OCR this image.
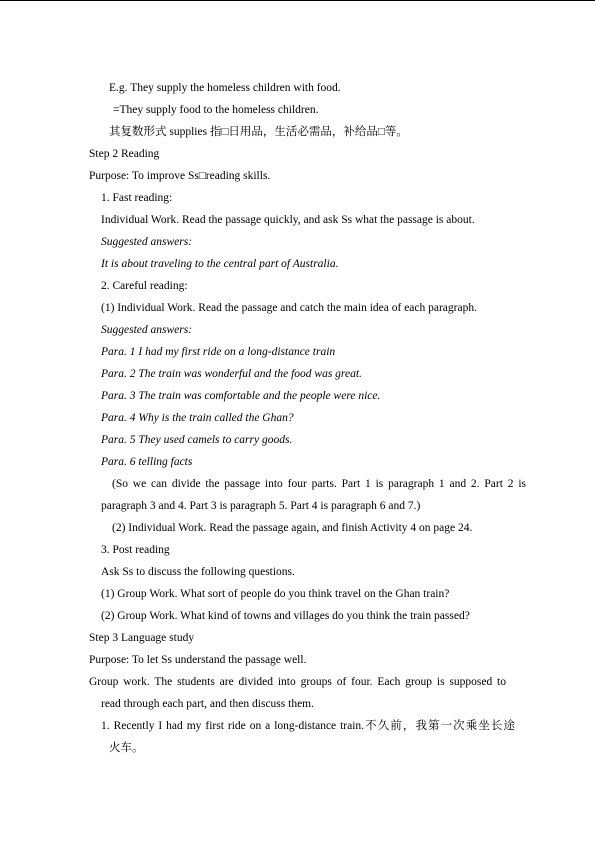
E.g. They supply the homeless children with food.
=They supply food to the homeless children.
其复数形式 supplies 指□日用品，生活必需品，补给品□等。
Step 2 Reading
Purpose: To improve Ss□reading skills.
1. Fast reading:
Individual Work. Read the passage quickly, and ask Ss what the passage is about.
Suggested answers:
It is about traveling to the central part of Australia.
2. Careful reading:
(1) Individual Work. Read the passage and catch the main idea of each paragraph.
Suggested answers:
Para. 1 I had my first ride on a long-distance train
Para. 2 The train was wonderful and the food was great.
Para. 3 The train was comfortable and the people were nice.
Para. 4 Why is the train called the Ghan?
Para. 5 They used camels to carry goods.
Para. 6 telling facts
(So we can divide the passage into four parts. Part 1 is paragraph 1 and 2. Part 2 is
paragraph 3 and 4. Part 3 is paragraph 5. Part 4 is paragraph 6 and 7.)
(2) Individual Work. Read the passage again, and finish Activity 4 on page 24.
3. Post reading
Ask Ss to discuss the following questions.
(1) Group Work. What sort of people do you think travel on the Ghan train?
(2) Group Work. What kind of towns and villages do you think the train passed?
Step 3 Language study
Purpose: To let Ss understand the passage well.
Group work. The students are divided into groups of four. Each group is supposed to
read through each part, and then discuss them.
1. Recently I had my first ride on a long-distance train.不久前，我第一次乘坐长途
火车。
